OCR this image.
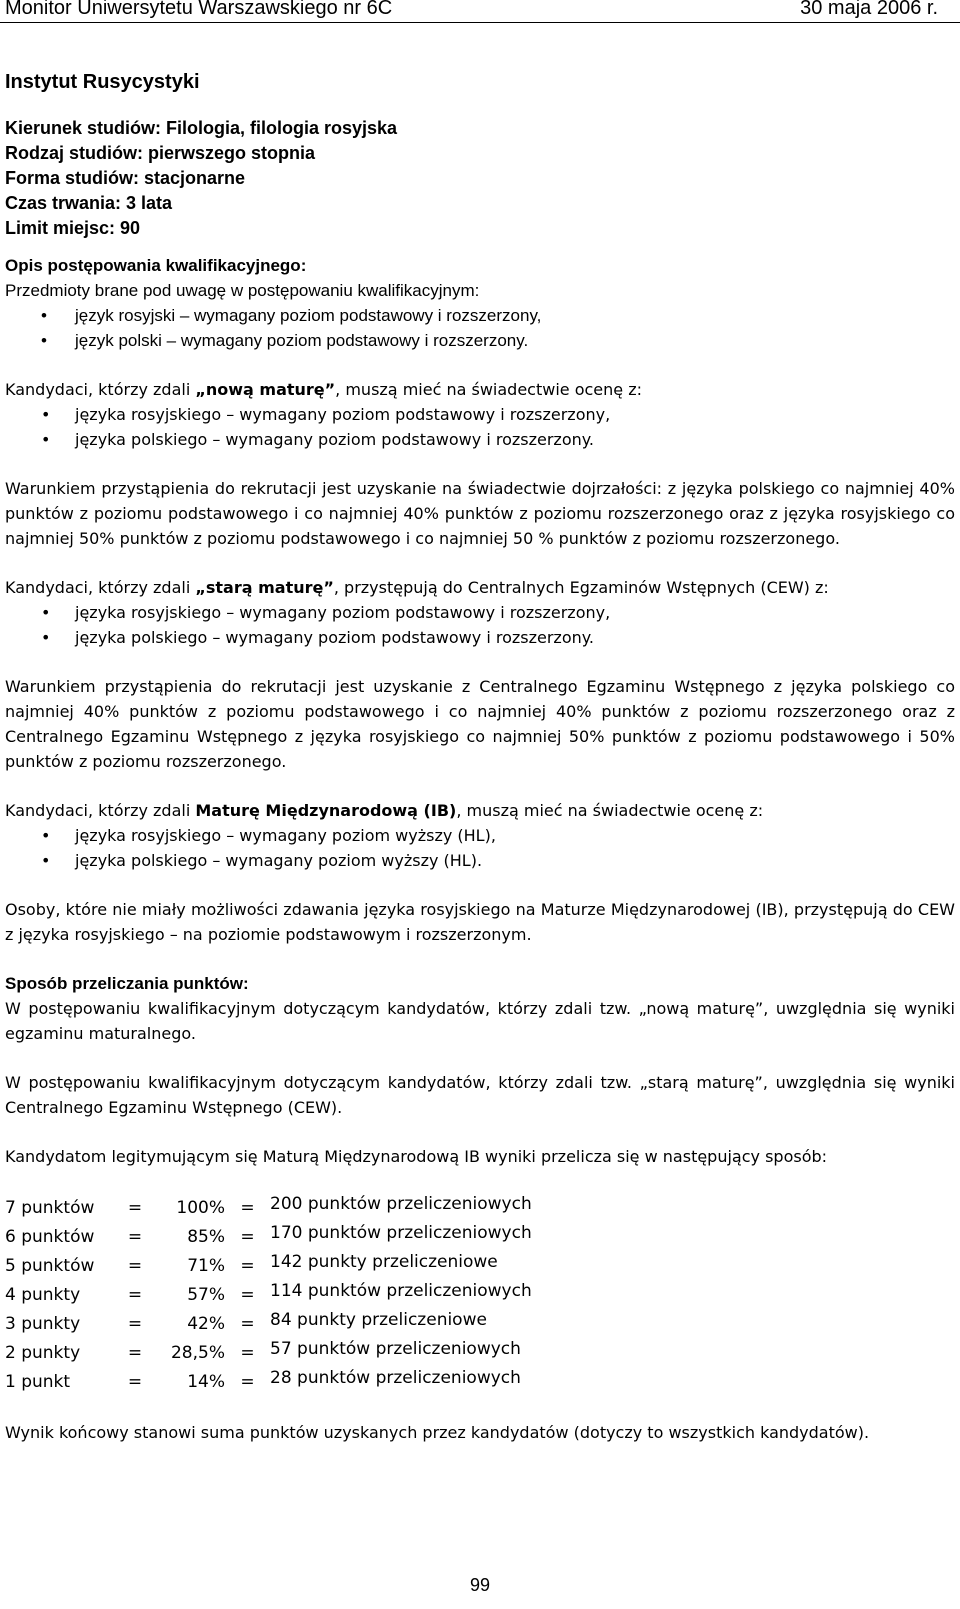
Monitor Uniwersytetu Warszawskiego nr 6C	30 maja 2006 r.
Instytut Rusycystyki
Kierunek studiów: Filologia, filologia rosyjska
Rodzaj studiów: pierwszego stopnia
Forma studiów: stacjonarne
Czas trwania: 3 lata
Limit miejsc: 90
Opis postępowania kwalifikacyjnego:
Przedmioty brane pod uwagę w postępowaniu kwalifikacyjnym:
• język rosyjski – wymagany poziom podstawowy i rozszerzony,
• język polski – wymagany poziom podstawowy i rozszerzony.
Kandydaci, którzy zdali „nową maturę”, muszą mieć na świadectwie ocenę z:
• języka rosyjskiego – wymagany poziom podstawowy i rozszerzony,
• języka polskiego – wymagany poziom podstawowy i rozszerzony.

Warunkiem przystąpienia do rekrutacji jest uzyskanie na świadectwie dojrzałości: z języka polskiego co najmniej 40% punktów z poziomu podstawowego i co najmniej 40% punktów z poziomu rozszerzonego oraz z języka rosyjskiego co najmniej 50% punktów z poziomu podstawowego i co najmniej 50 % punktów z poziomu rozszerzonego.

Kandydaci, którzy zdali „starą maturę”, przystępują do Centralnych Egzaminów Wstępnych (CEW) z:
• języka rosyjskiego – wymagany poziom podstawowy i rozszerzony,
• języka polskiego – wymagany poziom podstawowy i rozszerzony.

Warunkiem przystąpienia do rekrutacji jest uzyskanie z Centralnego Egzaminu Wstępnego z języka polskiego co najmniej 40% punktów z poziomu podstawowego i co najmniej 40% punktów z poziomu rozszerzonego oraz z Centralnego Egzaminu Wstępnego z języka rosyjskiego co najmniej 50% punktów z poziomu podstawowego i 50% punktów z poziomu rozszerzonego.

Kandydaci, którzy zdali Maturę Międzynarodową (IB), muszą mieć na świadectwie ocenę z:
• języka rosyjskiego – wymagany poziom wyższy (HL),
• języka polskiego – wymagany poziom wyższy (HL).

Osoby, które nie miały możliwości zdawania języka rosyjskiego na Maturze Międzynarodowej (IB), przystępują do CEW z języka rosyjskiego – na poziomie podstawowym i rozszerzonym.

Sposób przeliczania punktów:

W postępowaniu kwalifikacyjnym dotyczącym kandydatów, którzy zdali tzw. „nową maturę”, uwzględnia się wyniki egzaminu maturalnego.

W postępowaniu kwalifikacyjnym dotyczącym kandydatów, którzy zdali tzw. „starą maturę”, uwzględnia się wyniki Centralnego Egzaminu Wstępnego (CEW).

Kandydatom legitymującym się Maturą Międzynarodową IB wyniki przelicza się w następujący sposób:

7 punktów	=	100%	=	200 punktów przeliczeniowych
6 punktów	=	85%	=	170 punktów przeliczeniowych
5 punktów	=	71%	=	142 punkty przeliczeniowe
4 punkty	=	57%	=	114 punktów przeliczeniowych
3 punkty	=	42%	=	84 punkty przeliczeniowe
2 punkty	=	28,5%	=	57 punktów przeliczeniowych
1 punkt	=	14%	=	28 punktów przeliczeniowych

Wynik końcowy stanowi suma punktów uzyskanych przez kandydatów (dotyczy to wszystkich kandydatów).

99
